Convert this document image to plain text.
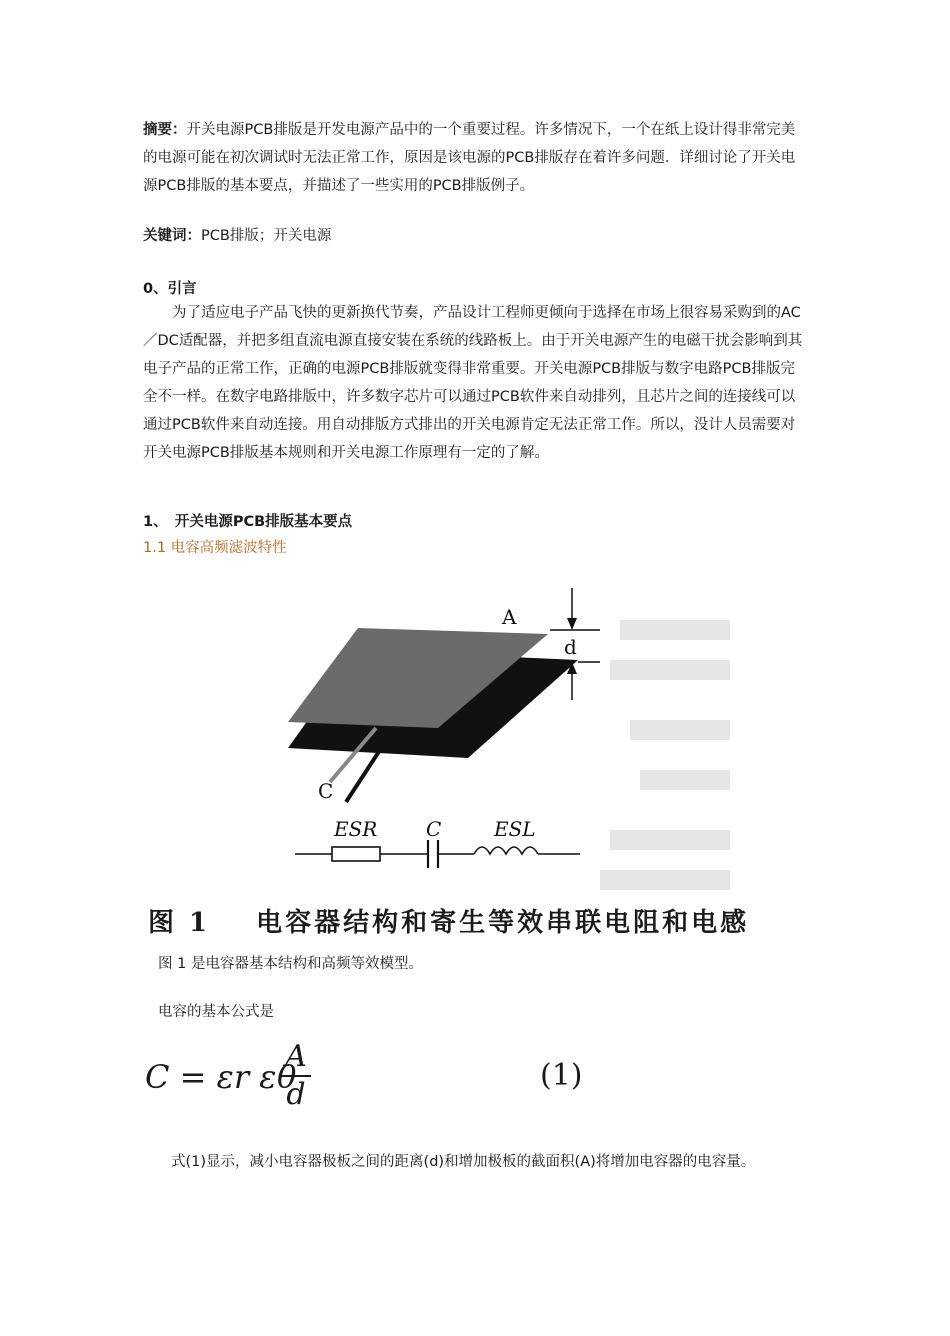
摘要：开关电源PCB排版是开发电源产品中的一个重要过程。许多情况下，一个在纸上设计得非常完美的电源可能在初次调试时无法正常工作，原因是该电源的PCB排版存在着许多问题．详细讨论了开关电源PCB排版的基本要点，并描述了一些实用的PCB排版例子。

关键词：PCB排版；开关电源

0、引言

为了适应电子产品飞快的更新换代节奏，产品设计工程师更倾向于选择在市场上很容易采购到的AC／DC适配器，并把多组直流电源直接安装在系统的线路板上。由于开关电源产生的电磁干扰会影响到其电子产品的正常工作，正确的电源PCB排版就变得非常重要。开关电源PCB排版与数字电路PCB排版完全不一样。在数字电路排版中，许多数字芯片可以通过PCB软件来自动排列，且芯片之间的连接线可以通过PCB软件来自动连接。用自动排版方式排出的开关电源肯定无法正常工作。所以，没计人员需要对开关电源PCB排版基本规则和开关电源工作原理有一定的了解。

1、　开关电源PCB排版基本要点

1.1 电容高频滤波特性

A
d
C
ESR C	ESL
图 1 电容器结构和寄生等效串联电阻和电感
图 1 是电容器基本结构和高频等效模型。
电容的基本公式是
C = εr ε0
A
d
(1)

式(1)显示，减小电容器极板之间的距离(d)和增加极板的截面积(A)将增加电容器的电容量。
